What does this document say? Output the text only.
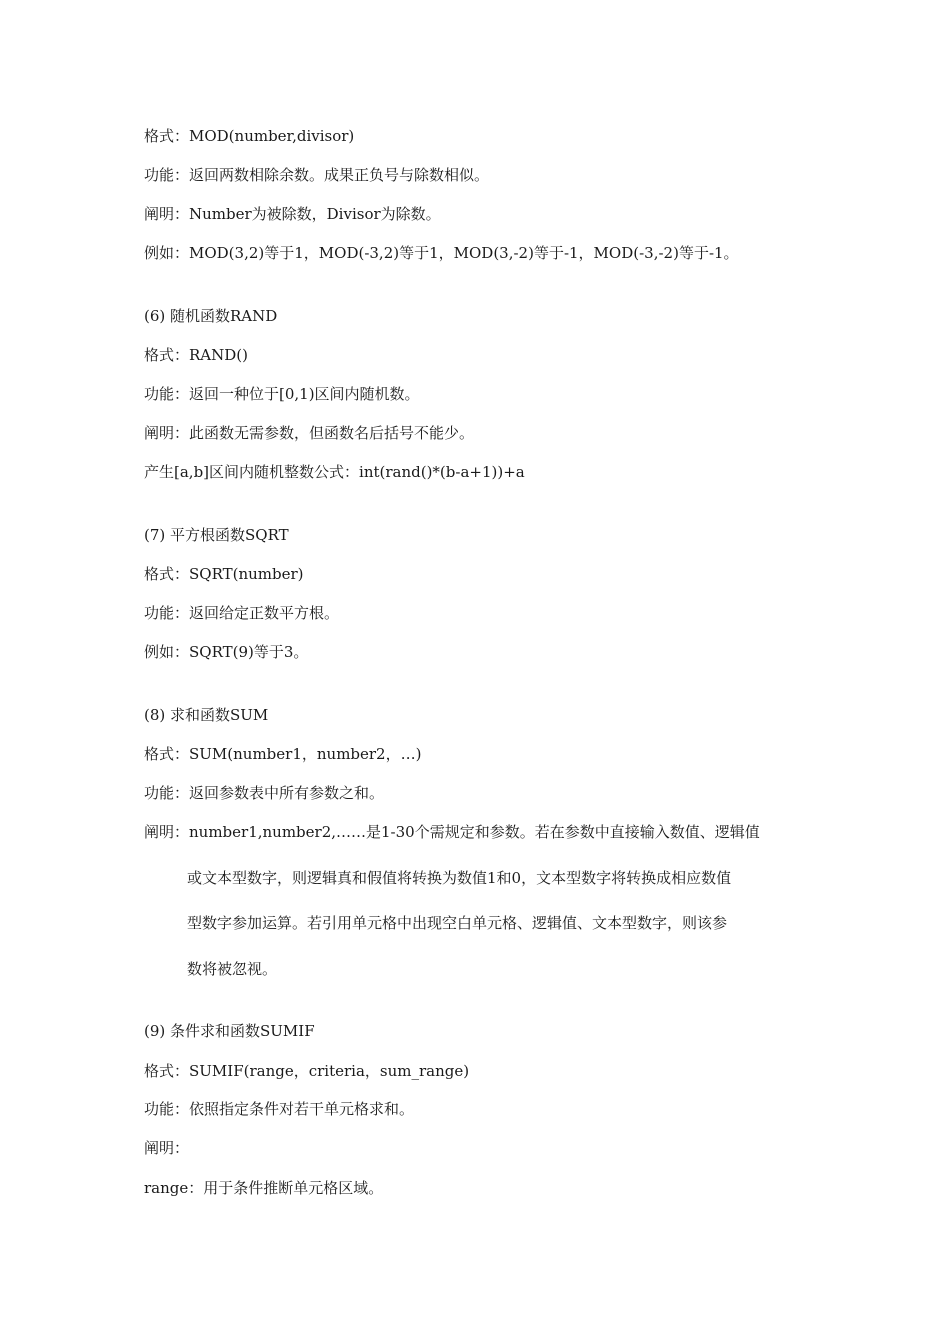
格式：MOD(number,divisor)
功能：返回两数相除余数。成果正负号与除数相似。
阐明：Number为被除数，Divisor为除数。
例如：MOD(3,2)等于1，MOD(-3,2)等于1，MOD(3,-2)等于-1，MOD(-3,-2)等于-1。
(6) 随机函数RAND
格式：RAND()
功能：返回一种位于[0,1)区间内随机数。
阐明：此函数无需参数，但函数名后括号不能少。
产生[a,b]区间内随机整数公式：int(rand()*(b-a+1))+a
(7) 平方根函数SQRT
格式：SQRT(number)
功能：返回给定正数平方根。
例如：SQRT(9)等于3。
(8) 求和函数SUM
格式：SUM(number1，number2，…)
功能：返回参数表中所有参数之和。
阐明：number1,number2,……是1-30个需规定和参数。若在参数中直接输入数值、逻辑值
或文本型数字，则逻辑真和假值将转换为数值1和0，文本型数字将转换成相应数值
型数字参加运算。若引用单元格中出现空白单元格、逻辑值、文本型数字，则该参
数将被忽视。
(9) 条件求和函数SUMIF
格式：SUMIF(range，criteria，sum_range)
功能：依照指定条件对若干单元格求和。
阐明：
range：用于条件推断单元格区域。
